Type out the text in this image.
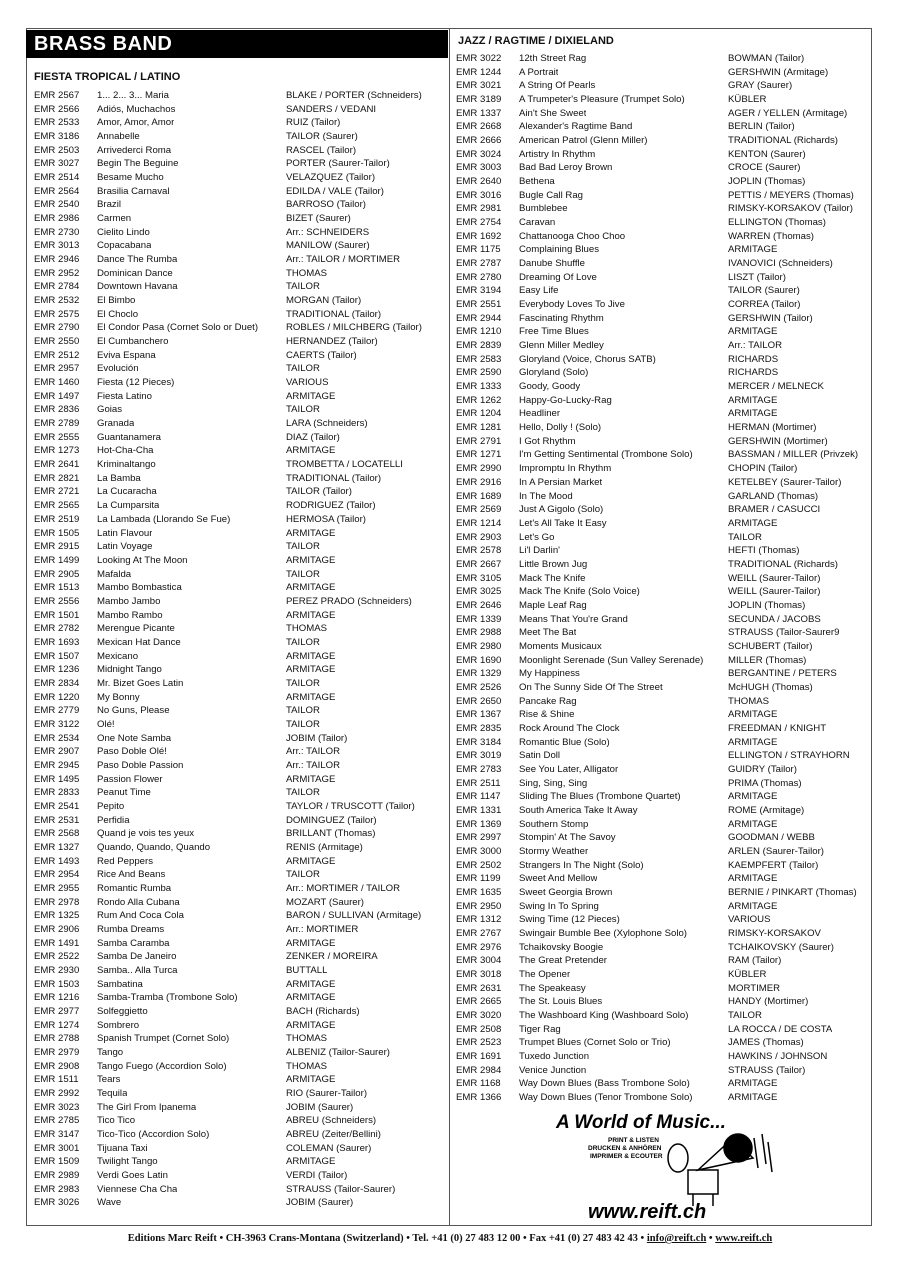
BRASS BAND
FIESTA TROPICAL / LATINO
EMR 2567 1... 2... 3... Maria	BLAKE / PORTER (Schneiders)
EMR 2566 Adiós, Muchachos	SANDERS / VEDANI
EMR 2533 Amor, Amor, Amor	RUIZ (Tailor)
EMR 3186 Annabelle	TAILOR (Saurer)
EMR 2503 Arrivederci Roma	RASCEL (Tailor)
EMR 3027 Begin The Beguine	PORTER (Saurer-Tailor)
EMR 2514 Besame Mucho	VELAZQUEZ (Tailor)
EMR 2564 Brasilia Carnaval	EDILDA / VALE (Tailor)
EMR 2540 Brazil	BARROSO (Tailor)
EMR 2986 Carmen	BIZET (Saurer)
EMR 2730 Cielito Lindo	Arr.: SCHNEIDERS
EMR 3013 Copacabana	MANILOW (Saurer)
EMR 2946 Dance The Rumba	Arr.: TAILOR / MORTIMER
EMR 2952 Dominican Dance	THOMAS
EMR 2784 Downtown Havana	TAILOR
EMR 2532 El Bimbo	MORGAN (Tailor)
EMR 2575 El Choclo	TRADITIONAL (Tailor)
EMR 2790 El Condor Pasa (Cornet Solo or Duet)	ROBLES / MILCHBERG (Tailor)
EMR 2550 El Cumbanchero	HERNANDEZ (Tailor)
EMR 2512 Eviva Espana	CAERTS (Tailor)
EMR 2957 Evolución	TAILOR
EMR 1460 Fiesta (12 Pieces)	VARIOUS
EMR 1497 Fiesta Latino	ARMITAGE
EMR 2836 Goias	TAILOR
EMR 2789 Granada	LARA (Schneiders)
EMR 2555 Guantanamera	DIAZ (Tailor)
EMR 1273 Hot-Cha-Cha	ARMITAGE
EMR 2641 Kriminaltango	TROMBETTA / LOCATELLI
EMR 2821 La Bamba	TRADITIONAL (Tailor)
EMR 2721 La Cucaracha	TAILOR (Tailor)
EMR 2565 La Cumparsita	RODRIGUEZ (Tailor)
EMR 2519 La Lambada (Llorando Se Fue)	HERMOSA (Tailor)
EMR 1505 Latin Flavour	ARMITAGE
EMR 2915 Latin Voyage	TAILOR
EMR 1499 Looking At The Moon	ARMITAGE
EMR 2905 Mafalda	TAILOR
EMR 1513 Mambo Bombastica	ARMITAGE
EMR 2556 Mambo Jambo	PEREZ PRADO (Schneiders)
EMR 1501 Mambo Rambo	ARMITAGE
EMR 2782 Merengue Picante	THOMAS
EMR 1693 Mexican Hat Dance	TAILOR
EMR 1507 Mexicano	ARMITAGE
EMR 1236 Midnight Tango	ARMITAGE
EMR 2834 Mr. Bizet Goes Latin	TAILOR
EMR 1220 My Bonny	ARMITAGE
EMR 2779 No Guns, Please	TAILOR
EMR 3122 Olé!	TAILOR
EMR 2534 One Note Samba	JOBIM (Tailor)
EMR 2907 Paso Doble Olé!	Arr.: TAILOR
EMR 2945 Paso Doble Passion	Arr.: TAILOR
EMR 1495 Passion Flower	ARMITAGE
EMR 2833 Peanut Time	TAILOR
EMR 2541 Pepito	TAYLOR / TRUSCOTT (Tailor)
EMR 2531 Perfidia	DOMINGUEZ (Tailor)
EMR 2568 Quand je vois tes yeux	BRILLANT (Thomas)
EMR 1327 Quando, Quando, Quando	RENIS (Armitage)
EMR 1493 Red Peppers	ARMITAGE
EMR 2954 Rice And Beans	TAILOR
EMR 2955 Romantic Rumba	Arr.: MORTIMER / TAILOR
EMR 2978 Rondo Alla Cubana	MOZART (Saurer)
EMR 1325 Rum And Coca Cola	BARON / SULLIVAN (Armitage)
EMR 2906 Rumba Dreams	Arr.: MORTIMER
EMR 1491 Samba Caramba	ARMITAGE
EMR 2522 Samba De Janeiro	ZENKER / MOREIRA
EMR 2930 Samba.. Alla Turca	BUTTALL
EMR 1503 Sambatina	ARMITAGE
EMR 1216 Samba-Tramba (Trombone Solo)	ARMITAGE
EMR 2977 Solfeggietto	BACH (Richards)
EMR 1274 Sombrero	ARMITAGE
EMR 2788 Spanish Trumpet (Cornet Solo)	THOMAS
EMR 2979 Tango	ALBENIZ (Tailor-Saurer)
EMR 2908 Tango Fuego (Accordion Solo)	THOMAS
EMR 1511 Tears	ARMITAGE
EMR 2992 Tequila	RIO (Saurer-Tailor)
EMR 3023 The Girl From Ipanema	JOBIM (Saurer)
EMR 2785 Tico Tico	ABREU (Schneiders)
EMR 3147 Tico-Tico (Accordion Solo)	ABREU (Zeiter/Bellini)
EMR 3001 Tijuana Taxi	COLEMAN (Saurer)
EMR 1509 Twilight Tango	ARMITAGE
EMR 2989 Verdi Goes Latin	VERDI (Tailor)
EMR 2983 Viennese Cha Cha	STRAUSS (Tailor-Saurer)
EMR 3026 Wave	JOBIM (Saurer)
JAZZ / RAGTIME / DIXIELAND
EMR 3022 12th Street Rag	BOWMAN (Tailor)
EMR 1244 A Portrait	GERSHWIN (Armitage)
EMR 3021 A String Of Pearls	GRAY (Saurer)
EMR 3189 A Trumpeter's Pleasure (Trumpet Solo)	KÜBLER
EMR 1337 Ain't She Sweet	AGER / YELLEN (Armitage)
EMR 2668 Alexander's Ragtime Band	BERLIN (Tailor)
EMR 2666 American Patrol (Glenn Miller)	TRADITIONAL (Richards)
EMR 3024 Artistry In Rhythm	KENTON (Saurer)
EMR 3003 Bad Bad Leroy Brown	CROCE (Saurer)
EMR 2640 Bethena	JOPLIN (Thomas)
EMR 3016 Bugle Call Rag	PETTIS / MEYERS (Thomas)
EMR 2981 Bumblebee	RIMSKY-KORSAKOV (Tailor)
EMR 2754 Caravan	ELLINGTON (Thomas)
EMR 1692 Chattanooga Choo Choo	WARREN (Thomas)
EMR 1175 Complaining Blues	ARMITAGE
EMR 2787 Danube Shuffle	IVANOVICI (Schneiders)
EMR 2780 Dreaming Of Love	LISZT (Tailor)
EMR 3194 Easy Life	TAILOR (Saurer)
EMR 2551 Everybody Loves To Jive	CORREA (Tailor)
EMR 2944 Fascinating Rhythm	GERSHWIN (Tailor)
EMR 1210 Free Time Blues	ARMITAGE
EMR 2839 Glenn Miller Medley	Arr.: TAILOR
EMR 2583 Gloryland (Voice, Chorus SATB)	RICHARDS
EMR 2590 Gloryland (Solo)	RICHARDS
EMR 1333 Goody, Goody	MERCER / MELNECK
EMR 1262 Happy-Go-Lucky-Rag	ARMITAGE
EMR 1204 Headliner	ARMITAGE
EMR 1281 Hello, Dolly ! (Solo)	HERMAN (Mortimer)
EMR 2791 I Got Rhythm	GERSHWIN (Mortimer)
EMR 1271 I'm Getting Sentimental (Trombone Solo)	BASSMAN / MILLER (Privzek)
EMR 2990 Impromptu In Rhythm	CHOPIN (Tailor)
EMR 2916 In A Persian Market	KETELBEY (Saurer-Tailor)
EMR 1689 In The Mood	GARLAND (Thomas)
EMR 2569 Just A Gigolo (Solo)	BRAMER / CASUCCI
EMR 1214 Let's All Take It Easy	ARMITAGE
EMR 2903 Let's Go	TAILOR
EMR 2578 Li'l Darlin'	HEFTI (Thomas)
EMR 2667 Little Brown Jug	TRADITIONAL (Richards)
EMR 3105 Mack The Knife	WEILL (Saurer-Tailor)
EMR 3025 Mack The Knife (Solo Voice)	WEILL (Saurer-Tailor)
EMR 2646 Maple Leaf Rag	JOPLIN (Thomas)
EMR 1339 Means That You're Grand	SECUNDA / JACOBS
EMR 2988 Meet The Bat	STRAUSS (Tailor-Saurer9
EMR 2980 Moments Musicaux	SCHUBERT (Tailor)
EMR 1690 Moonlight Serenade (Sun Valley Serenade)	MILLER (Thomas)
EMR 1329 My Happiness	BERGANTINE / PETERS
EMR 2526 On The Sunny Side Of The Street	McHUGH (Thomas)
EMR 2650 Pancake Rag	THOMAS
EMR 1367 Rise & Shine	ARMITAGE
EMR 2835 Rock Around The Clock	FREEDMAN / KNIGHT
EMR 3184 Romantic Blue (Solo)	ARMITAGE
EMR 3019 Satin Doll	ELLINGTON / STRAYHORN
EMR 2783 See You Later, Alligator	GUIDRY (Tailor)
EMR 2511 Sing, Sing, Sing	PRIMA (Thomas)
EMR 1147 Sliding The Blues (Trombone Quartet)	ARMITAGE
EMR 1331 South America Take It Away	ROME (Armitage)
EMR 1369 Southern Stomp	ARMITAGE
EMR 2997 Stompin' At The Savoy	GOODMAN / WEBB
EMR 3000 Stormy Weather	ARLEN (Saurer-Tailor)
EMR 2502 Strangers In The Night (Solo)	KAEMPFERT (Tailor)
EMR 1199 Sweet And Mellow	ARMITAGE
EMR 1635 Sweet Georgia Brown	BERNIE / PINKART (Thomas)
EMR 2950 Swing In To Spring	ARMITAGE
EMR 1312 Swing Time (12 Pieces)	VARIOUS
EMR 2767 Swingair Bumble Bee (Xylophone Solo)	RIMSKY-KORSAKOV
EMR 2976 Tchaikovsky Boogie	TCHAIKOVSKY (Saurer)
EMR 3004 The Great Pretender	RAM (Tailor)
EMR 3018 The Opener	KÜBLER
EMR 2631 The Speakeasy	MORTIMER
EMR 2665 The St. Louis Blues	HANDY (Mortimer)
EMR 3020 The Washboard King (Washboard Solo)	TAILOR
EMR 2508 Tiger Rag	LA ROCCA / DE COSTA
EMR 2523 Trumpet Blues (Cornet Solo or Trio)	JAMES (Thomas)
EMR 1691 Tuxedo Junction	HAWKINS / JOHNSON
EMR 2984 Venice Junction	STRAUSS (Tailor)
EMR 1168 Way Down Blues (Bass Trombone Solo)	ARMITAGE
EMR 1366 Way Down Blues (Tenor Trombone Solo)	ARMITAGE
A World of Music...
PRINT & LISTEN
DRUCKEN & ANHÖREN
IMPRIMER & ECOUTER
www.reift.ch
Editions Marc Reift • CH-3963 Crans-Montana (Switzerland) • Tel. +41 (0) 27 483 12 00 • Fax +41 (0) 27 483 42 43 • info@reift.ch • www.reift.ch
